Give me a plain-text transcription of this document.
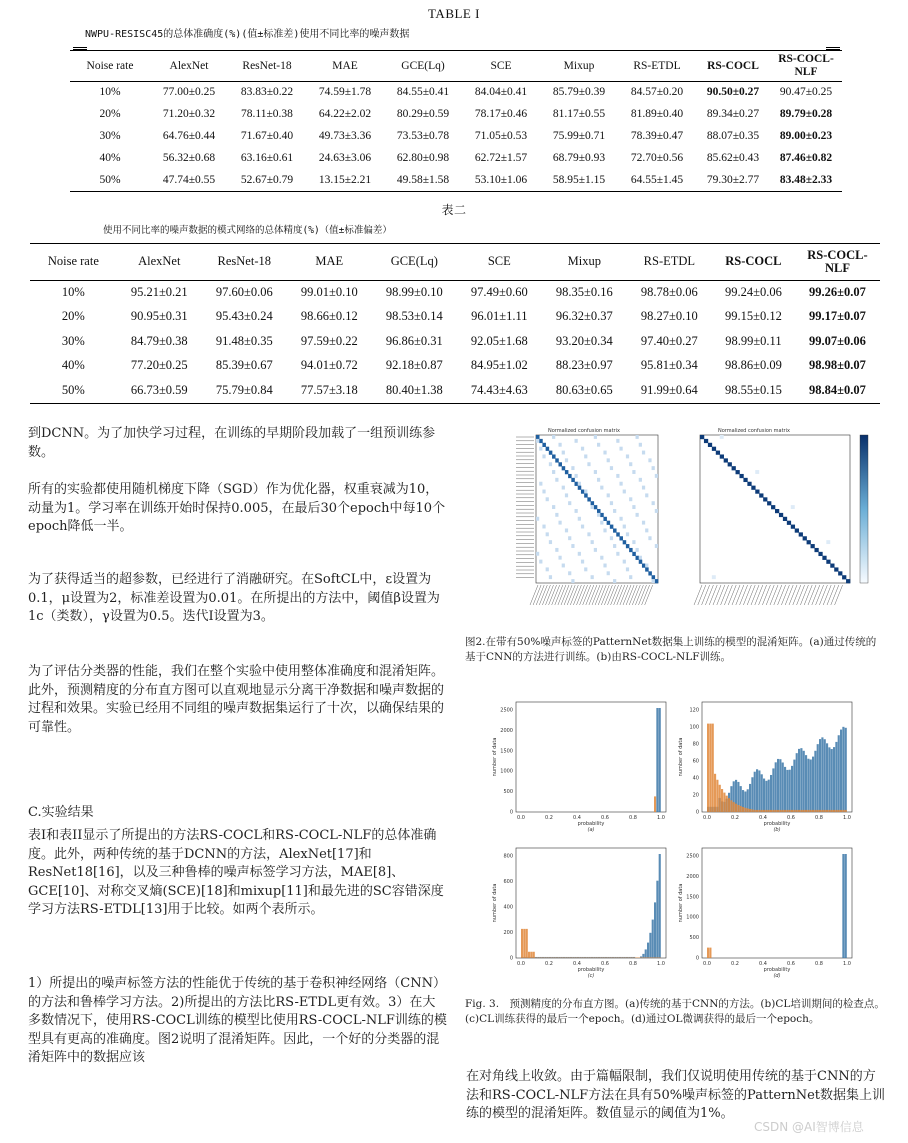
TABLE I
NWPU-RESISC45的总体准确度(%)(值±标准差)使用不同比率的噪声数据
Noise rate	AlexNet	ResNet-18	MAE	GCE(Lq)	SCE	Mixup	RS-ETDL	RS-COCL	RS-COCL-NLF
10%	77.00±0.25	83.83±0.22	74.59±1.78	84.55±0.41	84.04±0.41	85.79±0.39	84.57±0.20	90.50±0.27	90.47±0.25
20%	71.20±0.32	78.11±0.38	64.22±2.02	80.29±0.59	78.17±0.46	81.17±0.55	81.89±0.40	89.34±0.27	89.79±0.28
30%	64.76±0.44	71.67±0.40	49.73±3.36	73.53±0.78	71.05±0.53	75.99±0.71	78.39±0.47	88.07±0.35	89.00±0.23
40%	56.32±0.68	63.16±0.61	24.63±3.06	62.80±0.98	62.72±1.57	68.79±0.93	72.70±0.56	85.62±0.43	87.46±0.82
50%	47.74±0.55	52.67±0.79	13.15±2.21	49.58±1.58	53.10±1.06	58.95±1.15	64.55±1.45	79.30±2.77	83.48±2.33
表二
使用不同比率的噪声数据的模式网络的总体精度(%)（值±标准偏差）
Noise rate	AlexNet	ResNet-18	MAE	GCE(Lq)	SCE	Mixup	RS-ETDL	RS-COCL	RS-COCL-NLF
10%	95.21±0.21	97.60±0.06	99.01±0.10	98.99±0.10	97.49±0.60	98.35±0.16	98.78±0.06	99.24±0.06	99.26±0.07
20%	90.95±0.31	95.43±0.24	98.66±0.12	98.53±0.14	96.01±1.11	96.32±0.37	98.27±0.10	99.15±0.12	99.17±0.07
30%	84.79±0.38	91.48±0.35	97.59±0.22	96.86±0.31	92.05±1.68	93.20±0.34	97.40±0.27	98.99±0.11	99.07±0.06
40%	77.20±0.25	85.39±0.67	94.01±0.72	92.18±0.87	84.95±1.02	88.23±0.97	95.81±0.34	98.86±0.09	98.98±0.07
50%	66.73±0.59	75.79±0.84	77.57±3.18	80.40±1.38	74.43±4.63	80.63±0.65	91.99±0.64	98.55±0.15	98.84±0.07
到DCNN。为了加快学习过程，在训练的早期阶段加载了一组预训练参数。
所有的实验都使用随机梯度下降（SGD）作为优化器，权重衰减为10，动量为1。学习率在训练开始时保持0.005，在最后30个epoch中每10个epoch降低一半。
为了获得适当的超参数，已经进行了消融研究。在SoftCL中，ε设置为0.1，μ设置为2，标准差设置为0.01。在所提出的方法中，阈值β设置为1c（类数），γ设置为0.5。迭代I设置为3。
为了评估分类器的性能，我们在整个实验中使用整体准确度和混淆矩阵。此外，预测精度的分布直方图可以直观地显示分离干净数据和噪声数据的过程和效果。实验已经用不同组的噪声数据集运行了十次，以确保结果的可靠性。
C.实验结果
表I和表II显示了所提出的方法RS-COCL和RS-COCL-NLF的总体准确度。此外，两种传统的基于DCNN的方法，AlexNet[17]和ResNet18[16]，以及三种鲁棒的噪声标签学习方法，MAE[8]、GCE[10]、对称交叉熵(SCE)[18]和mixup[11]和最先进的SC容错深度学习方法RS-ETDL[13]用于比较。如两个表所示。
1）所提出的噪声标签方法的性能优于传统的基于卷积神经网络（CNN）的方法和鲁棒学习方法。2)所提出的方法比RS-ETDL更有效。3）在大多数情况下，使用RS-COCL训练的模型比使用RS-COCL-NLF训练的模型具有更高的准确度。图2说明了混淆矩阵。因此，一个好的分类器的混淆矩阵中的数据应该
Normalized confusion matrix	Normalized confusion matrix
图2.在带有50%噪声标签的PatternNet数据集上训练的模型的混淆矩阵。(a)通过传统的基于CNN的方法进行训练。(b)由RS-COCL-NLF训练。
0
500
1000
1500
2000
2500
0.0	0.2	0.4	0.6	0.8	1.0
probability
(a)
number of data
0
20
40
60
80
100
120
0.0	0.2	0.4	0.6	0.8	1.0
probability
(b)
number of data
0
200
400
600
800
0.0	0.2	0.4	0.6	0.8	1.0
probability
(c)
number of data
0
500
1000
1500
2000
2500
0.0	0.2	0.4	0.6	0.8	1.0
probability
(d)
number of data
Fig. 3.　预测精度的分布直方图。(a)传统的基于CNN的方法。(b)CL培训期间的检查点。(c)CL训练获得的最后一个epoch。(d)通过OL微调获得的最后一个epoch。
在对角线上收敛。由于篇幅限制，我们仅说明使用传统的基于CNN的方法和RS-COCL-NLF方法在具有50%噪声标签的PatternNet数据集上训练的模型的混淆矩阵。数值显示的阈值为1%。
CSDN @AI智博信息
